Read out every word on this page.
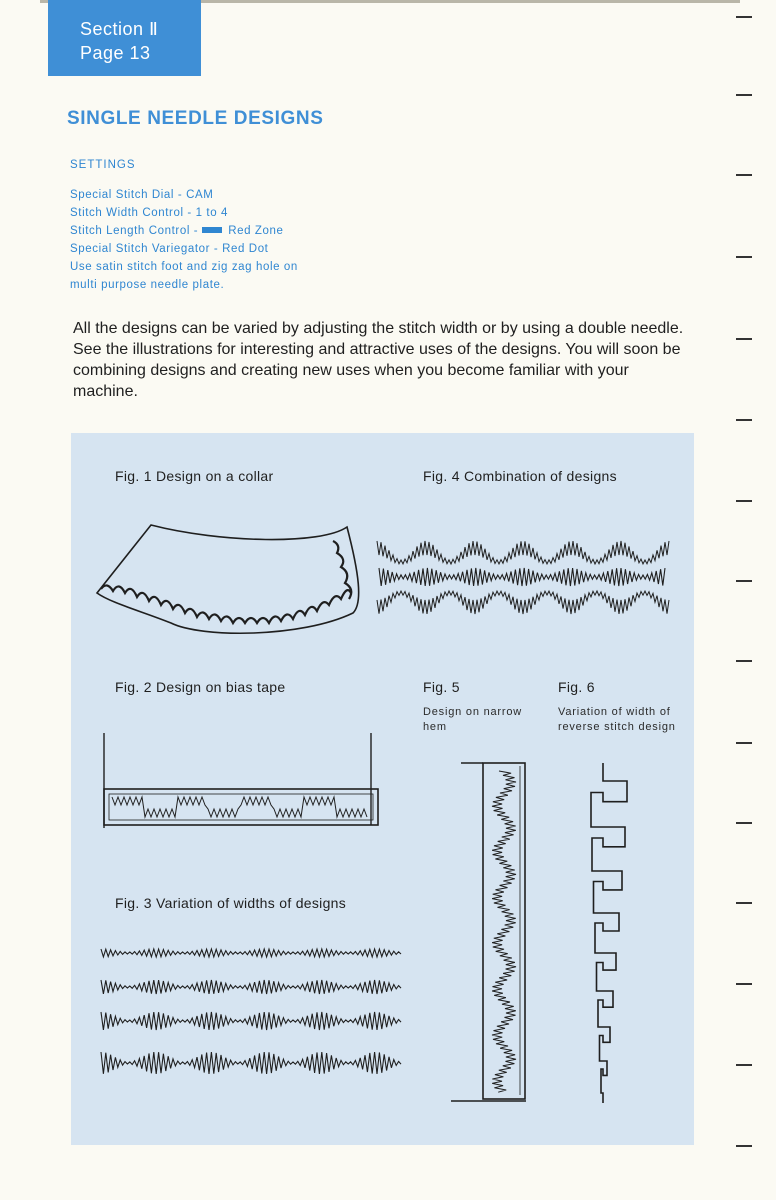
Section Ⅱ
Page 13
SINGLE NEEDLE DESIGNS
SETTINGS
Special Stitch Dial - CAM
Stitch Width Control - 1 to 4
Stitch Length Control -	Red Zone
Special Stitch Variegator - Red Dot
Use satin stitch foot and zig zag hole on
multi purpose needle plate.
All the designs can be varied by adjusting the stitch width or by using a double needle. See the illustrations for interesting and attractive uses of the designs. You will soon be combining designs and creating new uses when you become familiar with your machine.
Fig. 1 Design on a collar	Fig. 4 Combination of designs
Fig. 2 Design on bias tape	Fig. 5	Fig. 6
Design on narrow hem
Variation of width of reverse stitch design
Fig. 3 Variation of widths of designs
